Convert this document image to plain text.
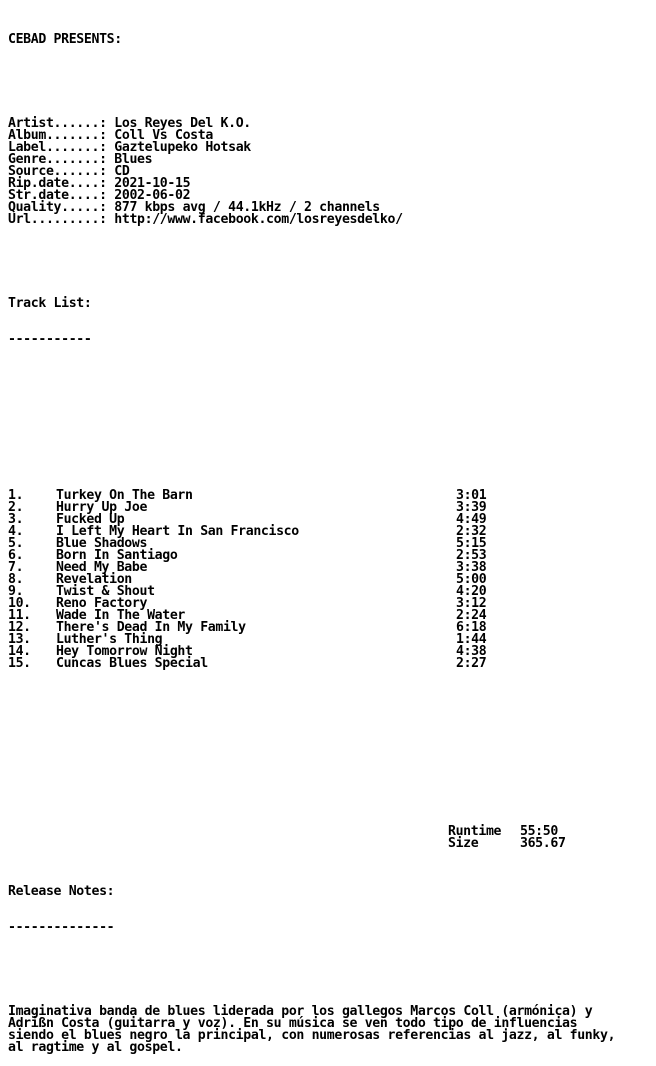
CEBAD PRESENTS:

Artist......: Los Reyes Del K.O.
Album.......: Coll Vs Costa
Label.......: Gaztelupeko Hotsak
Genre.......: Blues
Source......: CD
Rip.date....: 2021-10-15
Str.date....: 2002-06-02
Quality.....: 877 kbps avg / 44.1kHz / 2 channels
Url.........: http://www.facebook.com/losreyesdelko/

Track List:

-----------

1. Turkey On The Barn	3:01
2. Hurry Up Joe	3:39
3. Fucked Up	4:49
4. I Left My Heart In San Francisco	2:32
5. Blue Shadows	5:15
6. Born In Santiago	2:53
7. Need My Babe	3:38
8. Revelation	5:00
9. Twist & Shout	4:20
10. Reno Factory	3:12
11. Wade In The Water	2:24
12. There's Dead In My Family	6:18
13. Luther's Thing	1:44
14. Hey Tomorrow Night	4:38
15. Cuncas Blues Special	2:27

Runtime 55:50
Size	365.67

Release Notes:

--------------

Imaginativa banda de blues liderada por los gallegos Marcos Coll (armónica) y
Adrißn Costa (guitarra y voz). En su música se ven todo tipo de influencias
siendo el blues negro la principal, con numerosas referencias al jazz, al funky,
al ragtime y al gospel.
